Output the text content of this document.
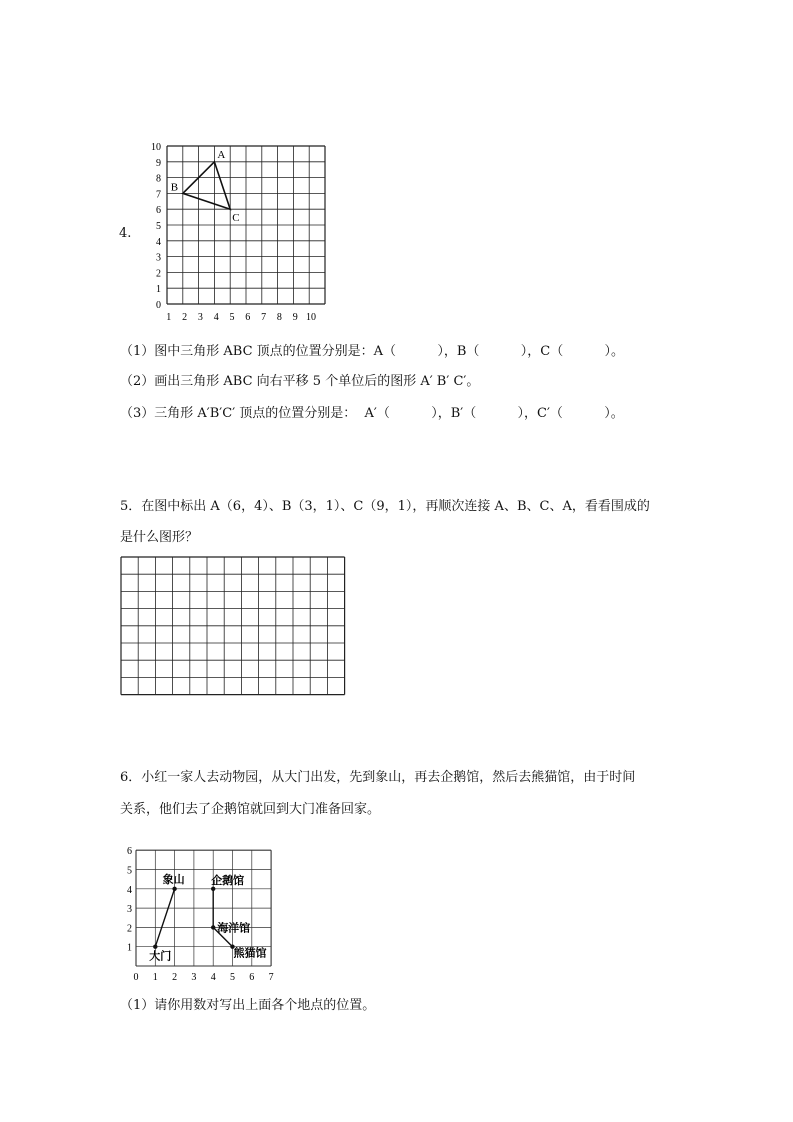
4.
10
9
8
7
6
5
4
3
2
1
0
1 2 3 4 5 6 7 8 9 10
A
B
C
（1）图中三角形 ABC 顶点的位置分别是：A（          ），B（          ），C（          ）。
（2）画出三角形 ABC 向右平移 5 个单位后的图形 A′ B′ C′。
（3）三角形 A′B′C′ 顶点的位置分别是：  A′（          ），B′（          ），C′（          ）。
5．在图中标出 A（6，4）、B（3，1）、C（9，1），再顺次连接 A、B、C、A，看看围成的
是什么图形？
6．小红一家人去动物园，从大门出发，先到象山，再去企鹅馆，然后去熊猫馆，由于时间
关系，他们去了企鹅馆就回到大门准备回家。
6
5
4
3
2
1
0 1 2 3 4 5 6 7
大门
象山 企鹅馆
海洋馆
熊猫馆
（1）请你用数对写出上面各个地点的位置。
